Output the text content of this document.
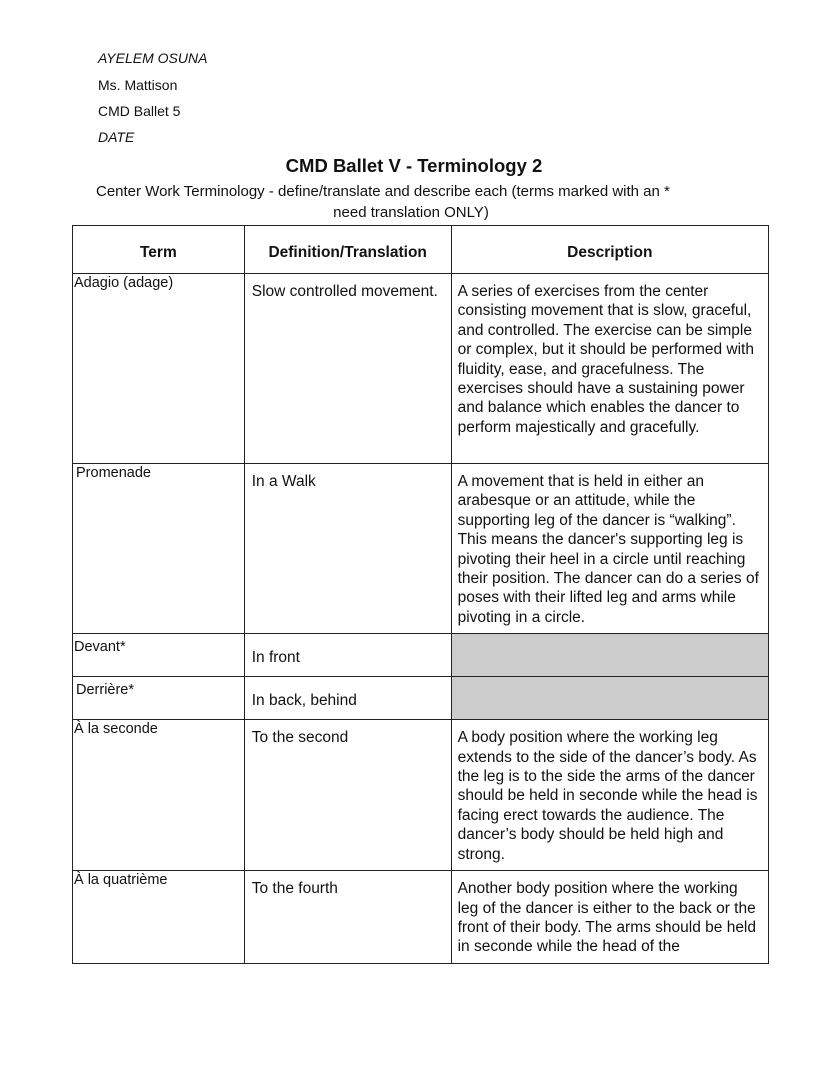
AYELEM OSUNA
Ms. Mattison
CMD Ballet 5
DATE
CMD Ballet V - Terminology 2
Center Work Terminology - define/translate and describe each (terms marked with an *
need translation ONLY)
Term	Definition/Translation	Description
Adagio (adage)	Slow controlled movement.	A series of exercises from the center consisting movement that is slow, graceful, and controlled. The exercise can be simple or complex, but it should be performed with fluidity, ease, and gracefulness. The exercises should have a sustaining power and balance which enables the dancer to perform majestically and gracefully.
Promenade	In a Walk	A movement that is held in either an arabesque or an attitude, while the supporting leg of the dancer is “walking”. This means the dancer's supporting leg is pivoting their heel in a circle until reaching their position. The dancer can do a series of poses with their lifted leg and arms while pivoting in a circle.
Devant*	In front	
Derrière*	In back, behind	
À la seconde	To the second	A body position where the working leg extends to the side of the dancer’s body. As the leg is to the side the arms of the dancer should be held in seconde while the head is facing erect towards the audience. The dancer’s body should be held high and strong.
À la quatrième	To the fourth	Another body position where the working leg of the dancer is either to the back or the front of their body. The arms should be held in seconde while the head of the
